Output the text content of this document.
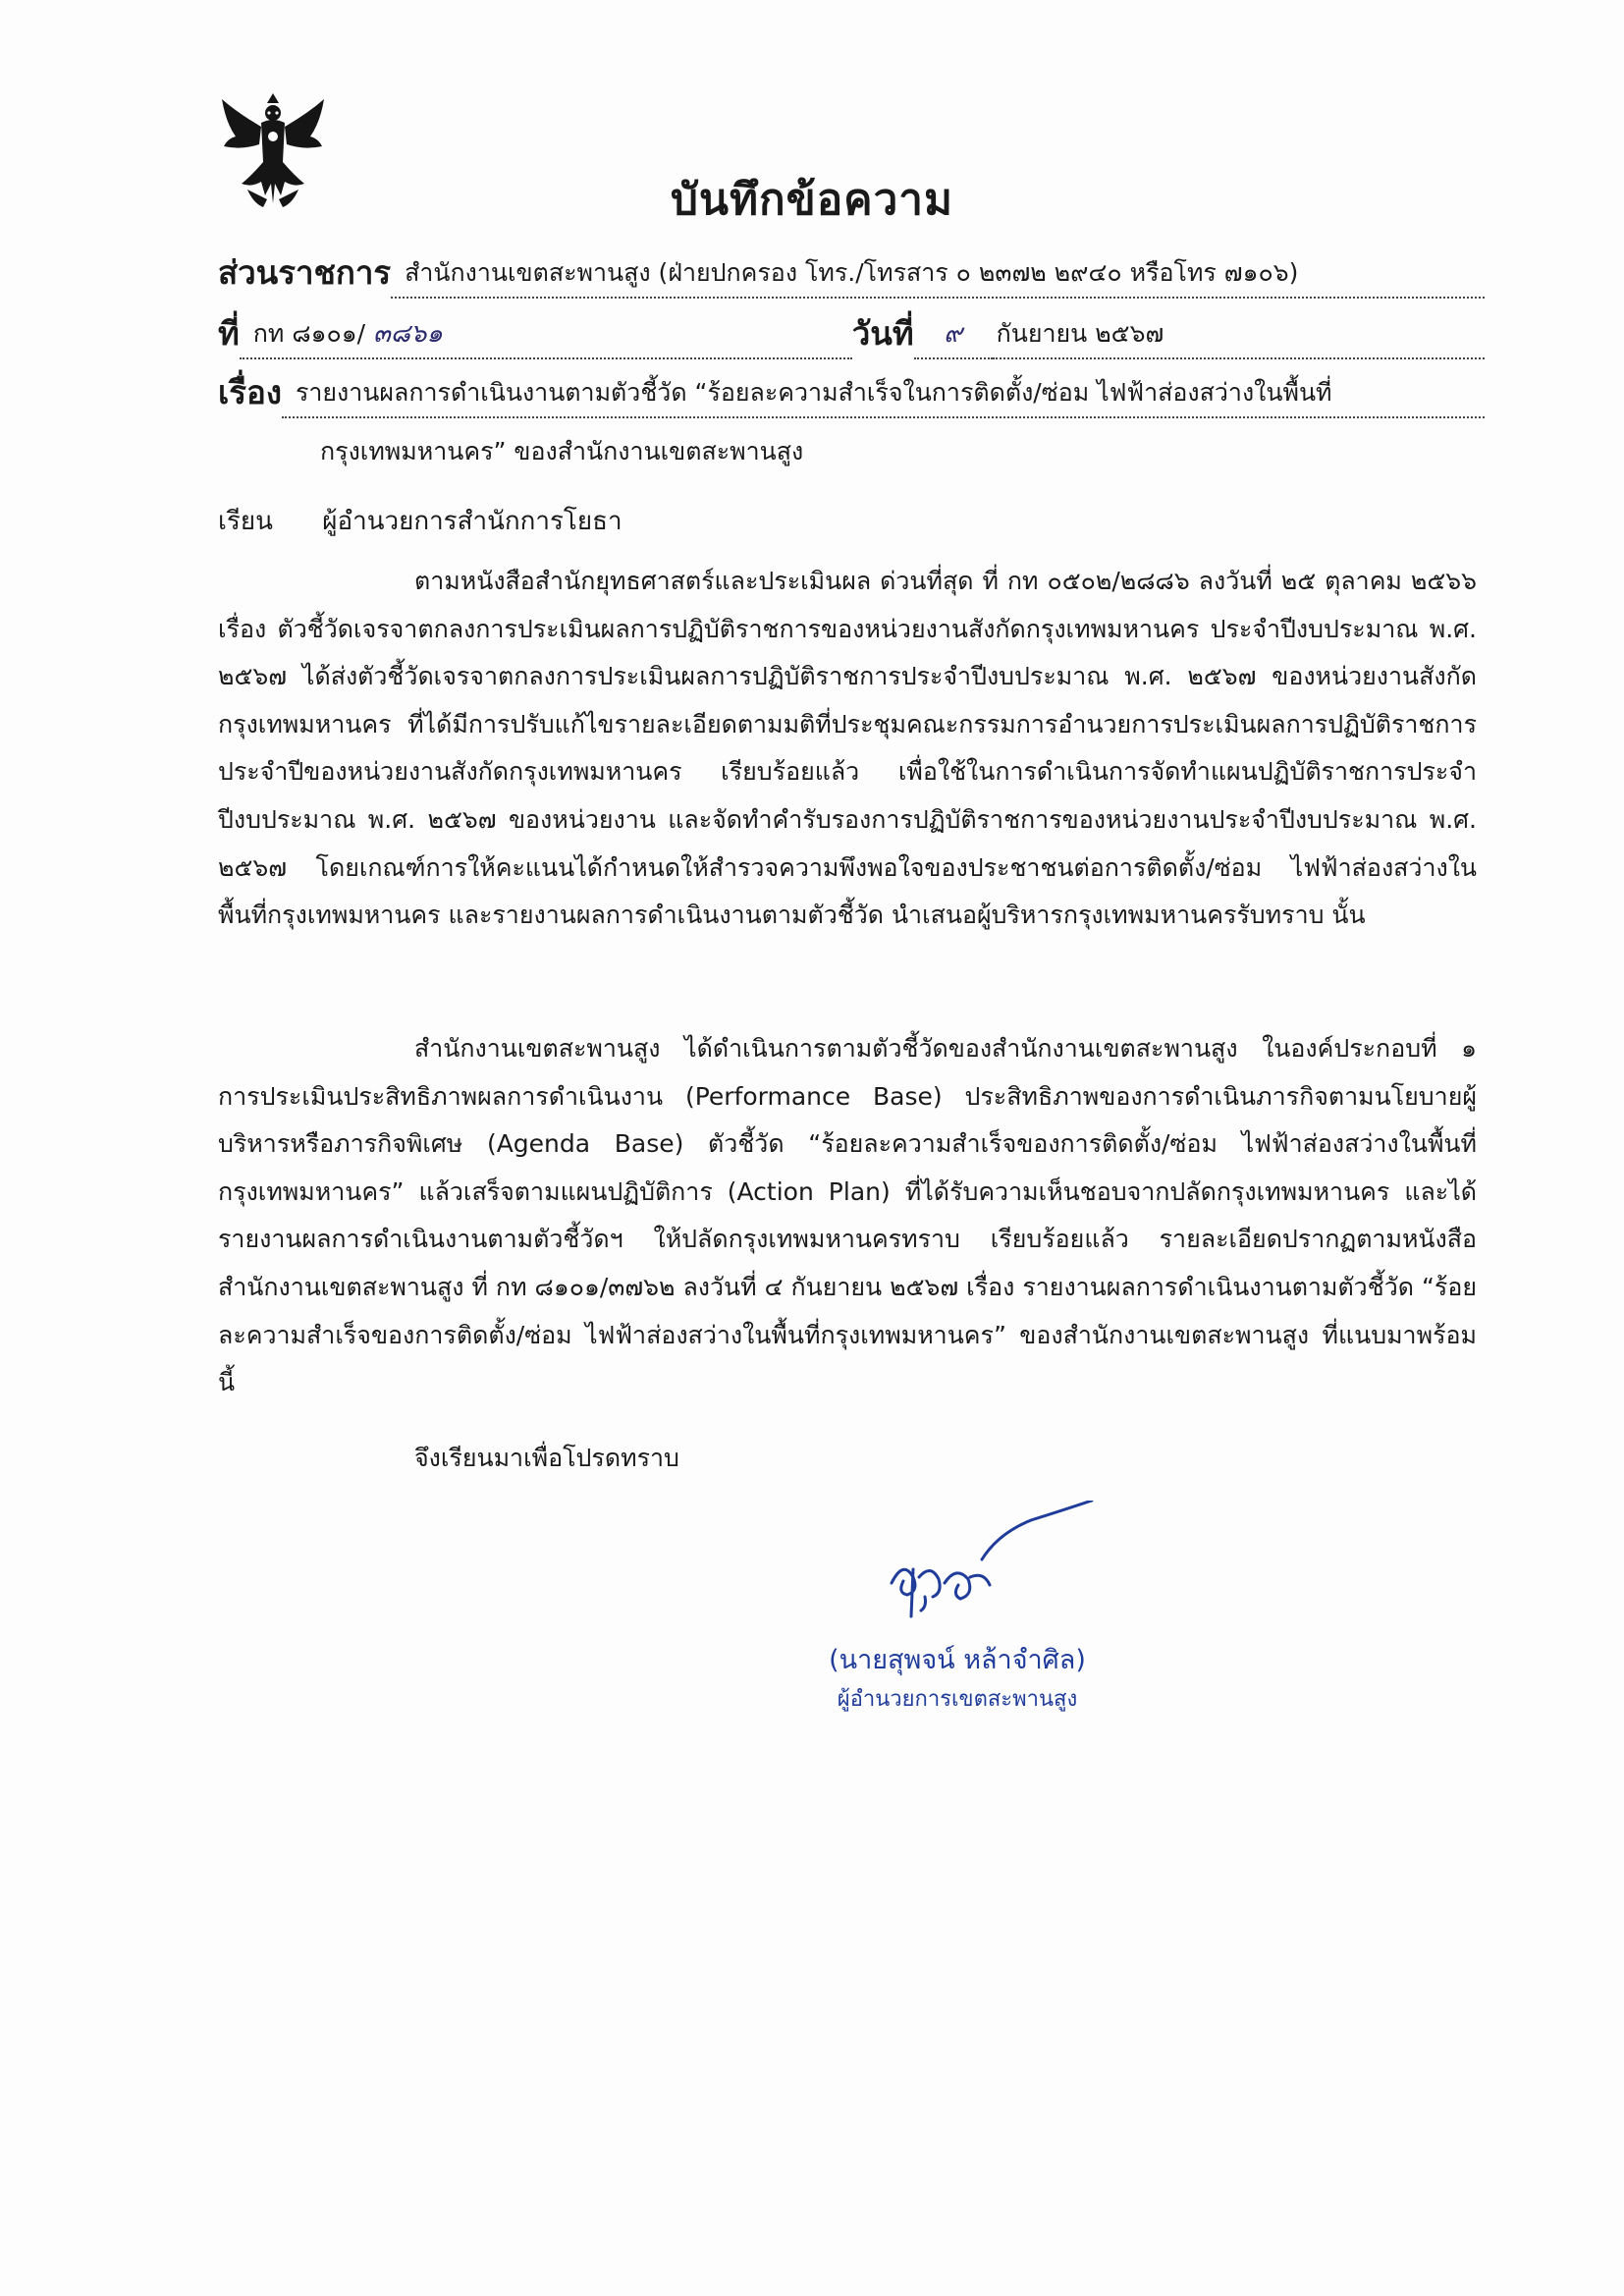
บันทึกข้อความ
ส่วนราชการ สำนักงานเขตสะพานสูง (ฝ่ายปกครอง โทร./โทรสาร ๐ ๒๓๗๒ ๒๙๔๐ หรือโทร ๗๑๐๖)
ที่ กท ๘๑๐๑/ ๓๘๖๑	วันที่	๙	กันยายน ๒๕๖๗
เรื่อง รายงานผลการดำเนินงานตามตัวชี้วัด “ร้อยละความสำเร็จในการติดตั้ง/ซ่อม ไฟฟ้าส่องสว่างในพื้นที่
กรุงเทพมหานคร” ของสำนักงานเขตสะพานสูง
เรียน ผู้อำนวยการสำนักการโยธา

ตามหนังสือสำนักยุทธศาสตร์และประเมินผล ด่วนที่สุด ที่ กท ๐๕๐๒/๒๘๘๖ ลงวันที่ ๒๕ ตุลาคม ๒๕๖๖ เรื่อง ตัวชี้วัดเจรจาตกลงการประเมินผลการปฏิบัติราชการของหน่วยงานสังกัดกรุงเทพมหานคร ประจำปีงบประมาณ พ.ศ. ๒๕๖๗ ได้ส่งตัวชี้วัดเจรจาตกลงการประเมินผลการปฏิบัติราชการประจำปีงบประมาณ พ.ศ. ๒๕๖๗ ของหน่วยงานสังกัดกรุงเทพมหานคร ที่ได้มีการปรับแก้ไขรายละเอียดตามมติที่ประชุมคณะกรรมการอำนวยการประเมินผลการปฏิบัติราชการประจำปีของหน่วยงานสังกัดกรุงเทพมหานคร เรียบร้อยแล้ว เพื่อใช้ในการดำเนินการจัดทำแผนปฏิบัติราชการประจำปีงบประมาณ พ.ศ. ๒๕๖๗ ของหน่วยงาน และจัดทำคำรับรองการปฏิบัติราชการของหน่วยงานประจำปีงบประมาณ พ.ศ. ๒๕๖๗ โดยเกณฑ์การให้คะแนนได้กำหนดให้สำรวจความพึงพอใจของประชาชนต่อการติดตั้ง/ซ่อม ไฟฟ้าส่องสว่างในพื้นที่กรุงเทพมหานคร และรายงานผลการดำเนินงานตามตัวชี้วัด นำเสนอผู้บริหารกรุงเทพมหานครรับทราบ นั้น

สำนักงานเขตสะพานสูง ได้ดำเนินการตามตัวชี้วัดของสำนักงานเขตสะพานสูง ในองค์ประกอบที่ ๑ การประเมินประสิทธิภาพผลการดำเนินงาน (Performance Base) ประสิทธิภาพของการดำเนินภารกิจตามนโยบายผู้บริหารหรือภารกิจพิเศษ (Agenda Base) ตัวชี้วัด “ร้อยละความสำเร็จของการติดตั้ง/ซ่อม ไฟฟ้าส่องสว่างในพื้นที่กรุงเทพมหานคร” แล้วเสร็จตามแผนปฏิบัติการ (Action Plan) ที่ได้รับความเห็นชอบจากปลัดกรุงเทพมหานคร และได้รายงานผลการดำเนินงานตามตัวชี้วัดฯ ให้ปลัดกรุงเทพมหานครทราบ เรียบร้อยแล้ว รายละเอียดปรากฏตามหนังสือสำนักงานเขตสะพานสูง ที่ กท ๘๑๐๑/๓๗๖๒ ลงวันที่ ๔ กันยายน ๒๕๖๗ เรื่อง รายงานผลการดำเนินงานตามตัวชี้วัด “ร้อยละความสำเร็จของการติดตั้ง/ซ่อม ไฟฟ้าส่องสว่างในพื้นที่กรุงเทพมหานคร” ของสำนักงานเขตสะพานสูง ที่แนบมาพร้อมนี้

จึงเรียนมาเพื่อโปรดทราบ
(นายสุพจน์ หล้าจำศิล)
ผู้อำนวยการเขตสะพานสูง
